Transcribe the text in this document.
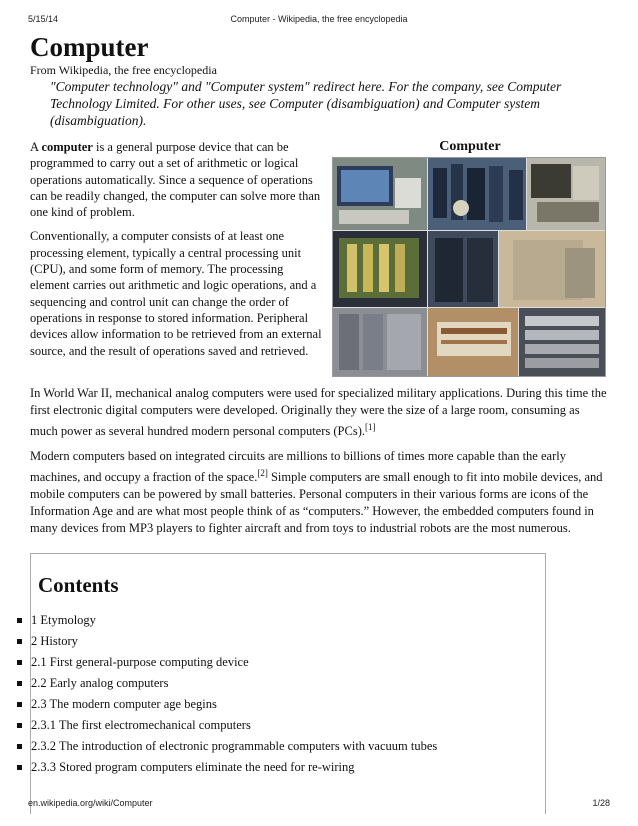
5/15/14	Computer - Wikipedia, the free encyclopedia
Computer
From Wikipedia, the free encyclopedia
"Computer technology" and "Computer system" redirect here. For the company, see Computer Technology Limited. For other uses, see Computer (disambiguation) and Computer system (disambiguation).

A computer is a general purpose device that can be programmed to carry out a set of arithmetic or logical operations automatically. Since a sequence of operations can be readily changed, the computer can solve more than one kind of problem.

Conventionally, a computer consists of at least one processing element, typically a central processing unit (CPU), and some form of memory. The processing element carries out arithmetic and logic operations, and a sequencing and control unit can change the order of operations in response to stored information. Peripheral devices allow information to be retrieved from an external source, and the result of operations saved and retrieved.

Computer

In World War II, mechanical analog computers were used for specialized military applications. During this time the first electronic digital computers were developed. Originally they were the size of a large room, consuming as much power as several hundred modern personal computers (PCs).[1]

Modern computers based on integrated circuits are millions to billions of times more capable than the early machines, and occupy a fraction of the space.[2] Simple computers are small enough to fit into mobile devices, and mobile computers can be powered by small batteries. Personal computers in their various forms are icons of the Information Age and are what most people think of as “computers.” However, the embedded computers found in many devices from MP3 players to fighter aircraft and from toys to industrial robots are the most numerous.

Contents
1 Etymology
2 History
2.1 First general-purpose computing device
2.2 Early analog computers
2.3 The modern computer age begins
2.3.1 The first electromechanical computers
2.3.2 The introduction of electronic programmable computers with vacuum tubes
2.3.3 Stored program computers eliminate the need for re-wiring
en.wikipedia.org/wiki/Computer	1/28
